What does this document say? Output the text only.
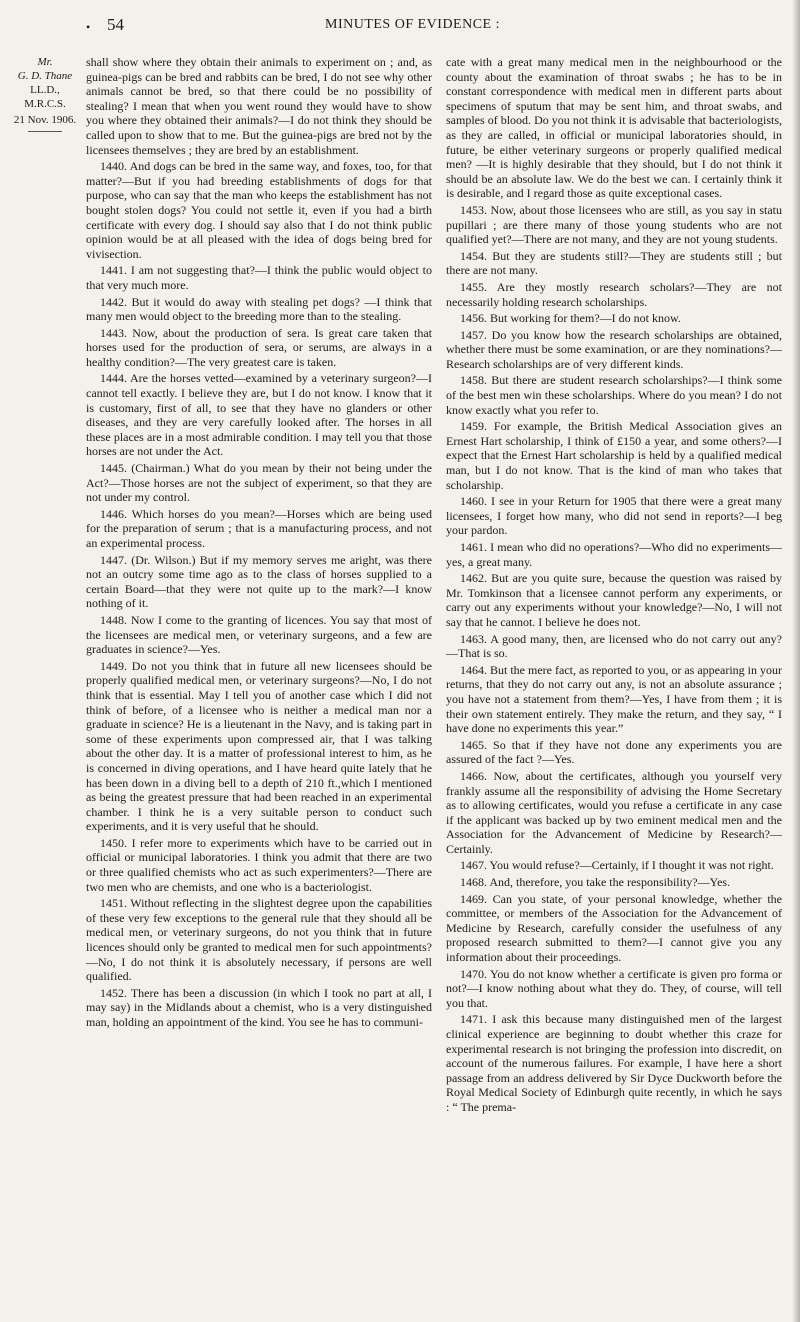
• 54	MINUTES OF EVIDENCE :
Mr.
G. D. Thane
LL.D.,
M.R.C.S.
21 Nov. 1906.

shall show where they obtain their animals to experiment on ; and, as guinea-pigs can be bred and rabbits can be bred, I do not see why other animals cannot be bred, so that there could be no possibility of stealing? I mean that when you went round they would have to show you where they obtained their animals?—I do not think they should be called upon to show that to me. But the guinea-pigs are bred not by the licensees themselves ; they are bred by an establishment.

1440. And dogs can be bred in the same way, and foxes, too, for that matter?—But if you had breeding establishments of dogs for that purpose, who can say that the man who keeps the establishment has not bought stolen dogs? You could not settle it, even if you had a birth certificate with every dog. I should say also that I do not think public opinion would be at all pleased with the idea of dogs being bred for vivisection.

1441. I am not suggesting that?—I think the public would object to that very much more.

1442. But it would do away with stealing pet dogs? —I think that many men would object to the breeding more than to the stealing.

1443. Now, about the production of sera. Is great care taken that horses used for the production of sera, or serums, are always in a healthy condition?—The very greatest care is taken.

1444. Are the horses vetted—examined by a veterinary surgeon?—I cannot tell exactly. I believe they are, but I do not know. I know that it is customary, first of all, to see that they have no glanders or other diseases, and they are very carefully looked after. The horses in all these places are in a most admirable condition. I may tell you that those horses are not under the Act.

1445. (Chairman.) What do you mean by their not being under the Act?—Those horses are not the subject of experiment, so that they are not under my control.

1446. Which horses do you mean?—Horses which are being used for the preparation of serum ; that is a manufacturing process, and not an experimental process.

1447. (Dr. Wilson.) But if my memory serves me aright, was there not an outcry some time ago as to the class of horses supplied to a certain Board—that they were not quite up to the mark?—I know nothing of it.

1448. Now I come to the granting of licences. You say that most of the licensees are medical men, or veterinary surgeons, and a few are graduates in science?—Yes.

1449. Do not you think that in future all new licensees should be properly qualified medical men, or veterinary surgeons?—No, I do not think that is essential. May I tell you of another case which I did not think of before, of a licensee who is neither a medical man nor a graduate in science? He is a lieutenant in the Navy, and is taking part in some of these experiments upon compressed air, that I was talking about the other day. It is a matter of professional interest to him, as he is concerned in diving operations, and I have heard quite lately that he has been down in a diving bell to a depth of 210 ft.,which I mentioned as being the greatest pressure that had been reached in an experimental chamber. I think he is a very suitable person to conduct such experiments, and it is very useful that he should.

1450. I refer more to experiments which have to be carried out in official or municipal laboratories. I think you admit that there are two or three qualified chemists who act as such experimenters?—There are two men who are chemists, and one who is a bacteriologist.

1451. Without reflecting in the slightest degree upon the capabilities of these very few exceptions to the general rule that they should all be medical men, or veterinary surgeons, do not you think that in future licences should only be granted to medical men for such appointments?—No, I do not think it is absolutely necessary, if persons are well qualified.

1452. There has been a discussion (in which I took no part at all, I may say) in the Midlands about a chemist, who is a very distinguished man, holding an appointment of the kind. You see he has to communi-

cate with a great many medical men in the neighbourhood or the county about the examination of throat swabs ; he has to be in constant correspondence with medical men in different parts about specimens of sputum that may be sent him, and throat swabs, and samples of blood. Do you not think it is advisable that bacteriologists, as they are called, in official or municipal laboratories should, in future, be either veterinary surgeons or properly qualified medical men? —It is highly desirable that they should, but I do not think it should be an absolute law. We do the best we can. I certainly think it is desirable, and I regard those as quite exceptional cases.

1453. Now, about those licensees who are still, as you say in statu pupillari ; are there many of those young students who are not qualified yet?—There are not many, and they are not young students.

1454. But they are students still?—They are students still ; but there are not many.

1455. Are they mostly research scholars?—They are not necessarily holding research scholarships.

1456. But working for them?—I do not know.

1457. Do you know how the research scholarships are obtained, whether there must be some examination, or are they nominations?—Research scholarships are of very different kinds.

1458. But there are student research scholarships?—I think some of the best men win these scholarships. Where do you mean? I do not know exactly what you refer to.

1459. For example, the British Medical Association gives an Ernest Hart scholarship, I think of £150 a year, and some others?—I expect that the Ernest Hart scholarship is held by a qualified medical man, but I do not know. That is the kind of man who takes that scholarship.

1460. I see in your Return for 1905 that there were a great many licensees, I forget how many, who did not send in reports?—I beg your pardon.

1461. I mean who did no operations?—Who did no experiments—yes, a great many.

1462. But are you quite sure, because the question was raised by Mr. Tomkinson that a licensee cannot perform any experiments, or carry out any experiments without your knowledge?—No, I will not say that he cannot. I believe he does not.

1463. A good many, then, are licensed who do not carry out any?—That is so.

1464. But the mere fact, as reported to you, or as appearing in your returns, that they do not carry out any, is not an absolute assurance ; you have not a statement from them?—Yes, I have from them ; it is their own statement entirely. They make the return, and they say, “ I have done no experiments this year.”

1465. So that if they have not done any experiments you are assured of the fact ?—Yes.

1466. Now, about the certificates, although you yourself very frankly assume all the responsibility of advising the Home Secretary as to allowing certificates, would you refuse a certificate in any case if the applicant was backed up by two eminent medical men and the Association for the Advancement of Medicine by Research?—Certainly.

1467. You would refuse?—Certainly, if I thought it was not right.

1468. And, therefore, you take the responsibility?—Yes.

1469. Can you state, of your personal knowledge, whether the committee, or members of the Association for the Advancement of Medicine by Research, carefully consider the usefulness of any proposed research submitted to them?—I cannot give you any information about their proceedings.

1470. You do not know whether a certificate is given pro forma or not?—I know nothing about what they do. They, of course, will tell you that.

1471. I ask this because many distinguished men of the largest clinical experience are beginning to doubt whether this craze for experimental research is not bringing the profession into discredit, on account of the numerous failures. For example, I have here a short passage from an address delivered by Sir Dyce Duckworth before the Royal Medical Society of Edinburgh quite recently, in which he says : “ The prema-
